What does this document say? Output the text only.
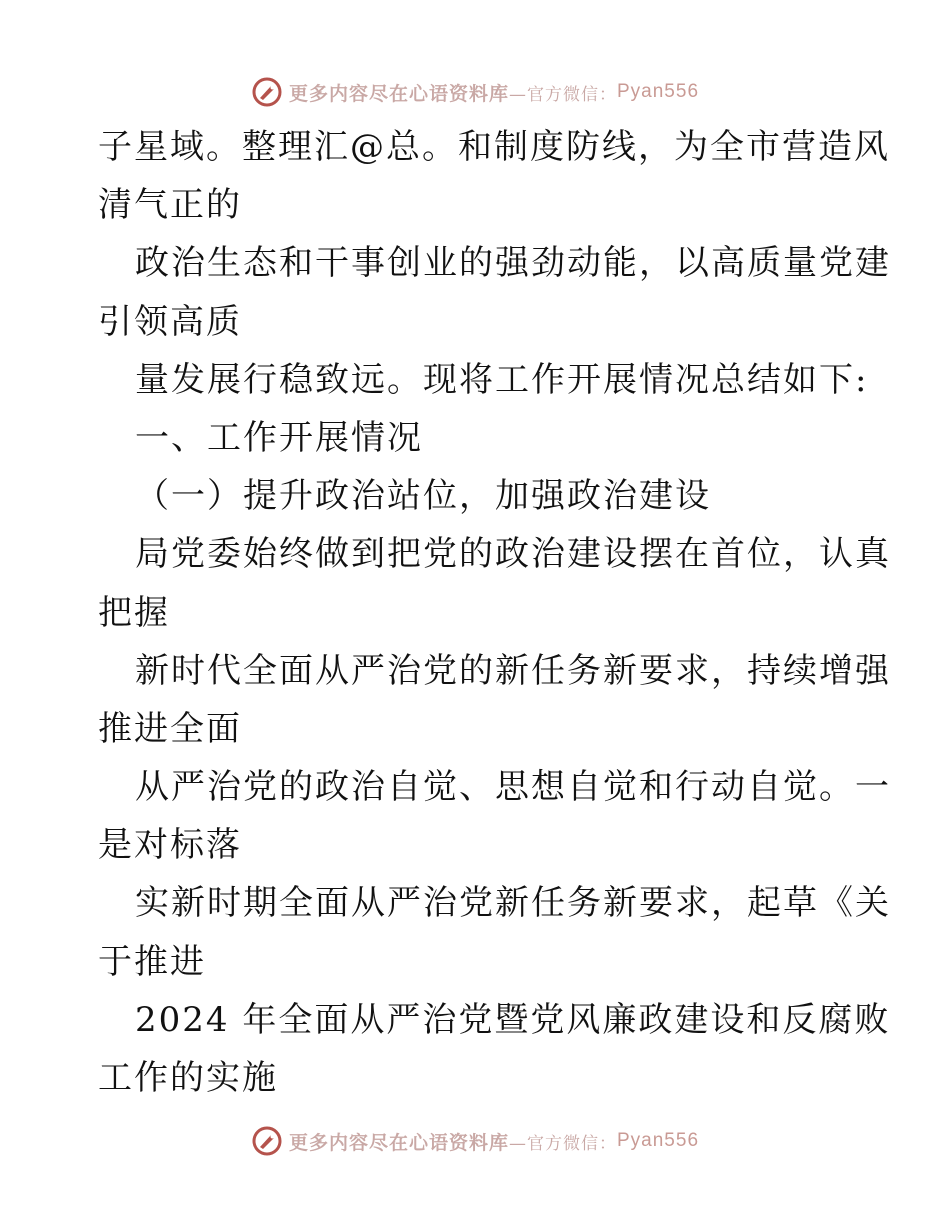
更多内容尽在心语资料库 —官方微信： Pyan556
子星域。整理汇@总。和制度防线，为全市营造风
清气正的
政治生态和干事创业的强劲动能，以高质量党建
引领高质
量发展行稳致远。现将工作开展情况总结如下:
一、工作开展情况
（一）提升政治站位，加强政治建设
局党委始终做到把党的政治建设摆在首位，认真
把握
新时代全面从严治党的新任务新要求，持续增强
推进全面
从严治党的政治自觉、思想自觉和行动自觉。一
是对标落
实新时期全面从严治党新任务新要求，起草《关
于推进
2024 年全面从严治党暨党风廉政建设和反腐败
工作的实施
更多内容尽在心语资料库 —官方微信： Pyan556
